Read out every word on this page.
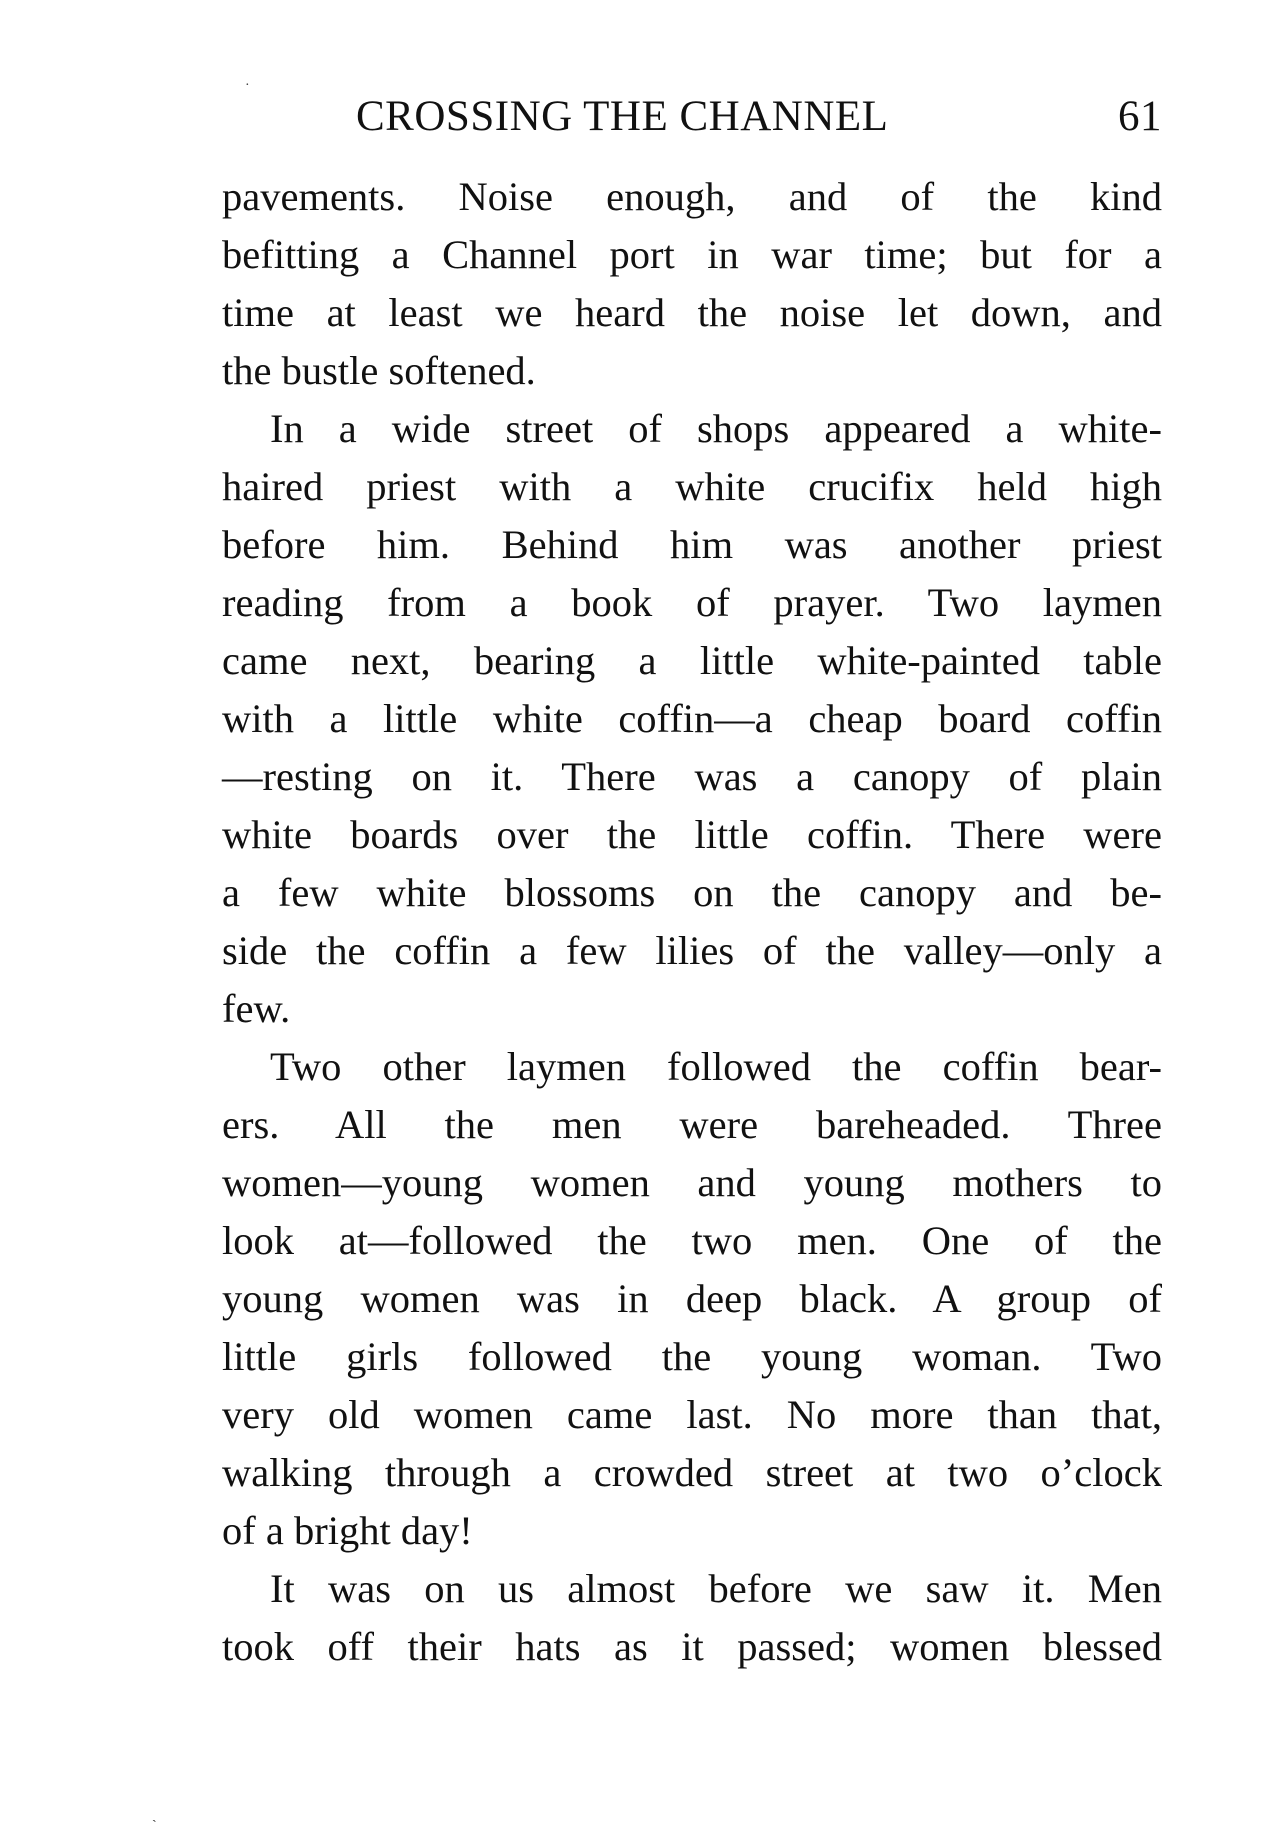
CROSSING THE CHANNEL	61
pavements. Noise enough, and of the kind
befitting a Channel port in war time; but for a
time at least we heard the noise let down, and
the bustle softened.
In a wide street of shops appeared a white-
haired priest with a white crucifix held high
before him. Behind him was another priest
reading from a book of prayer. Two laymen
came next, bearing a little white-painted table
with a little white coffin—a cheap board coffin
—resting on it. There was a canopy of plain
white boards over the little coffin. There were
a few white blossoms on the canopy and be-
side the coffin a few lilies of the valley—only a
few.
Two other laymen followed the coffin bear-
ers. All the men were bareheaded. Three
women—young women and young mothers to
look at—followed the two men. One of the
young women was in deep black. A group of
little girls followed the young woman. Two
very old women came last. No more than that,
walking through a crowded street at two o’clock
of a bright day!
It was on us almost before we saw it. Men
took off their hats as it passed; women blessed
·
ˏ
